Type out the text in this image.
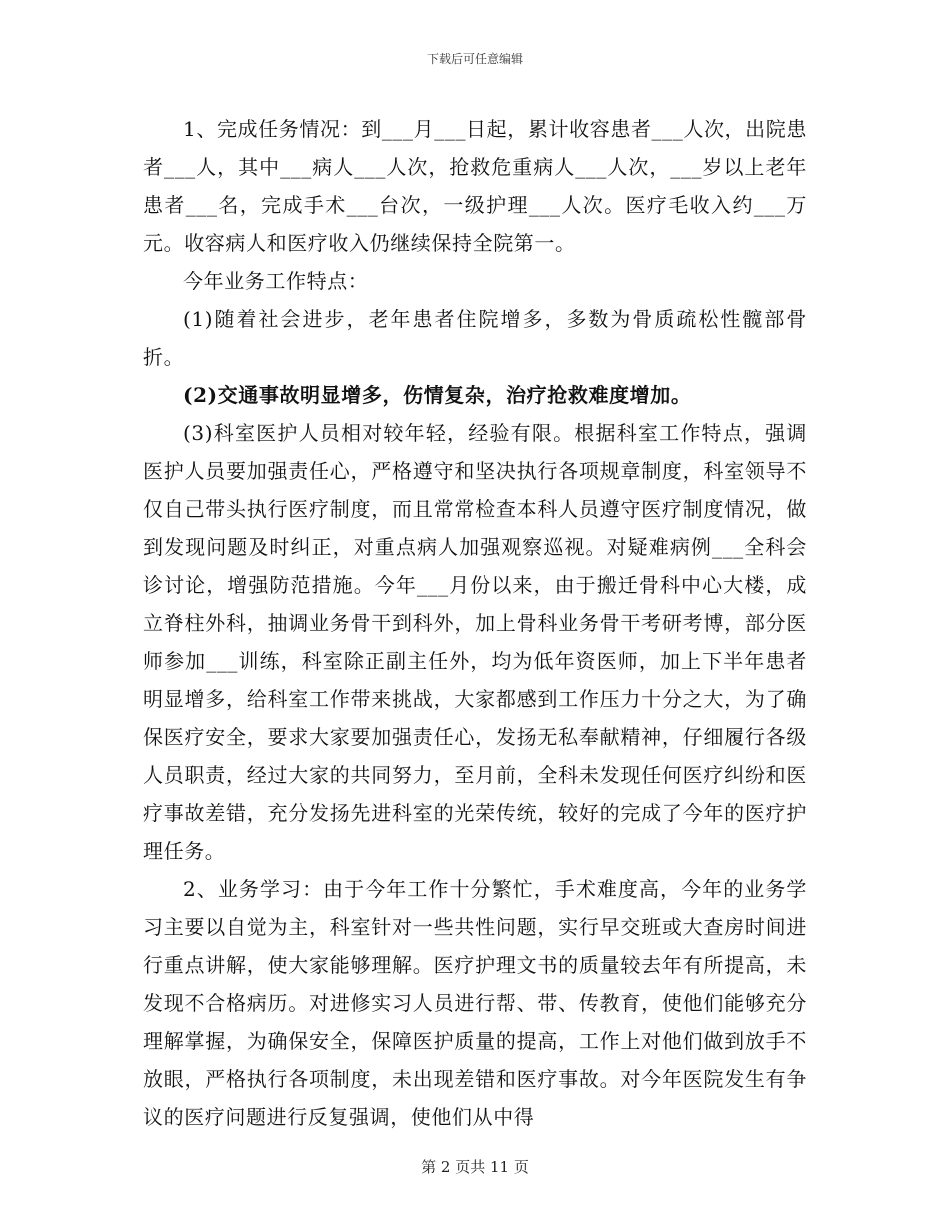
下载后可任意编辑

1、完成任务情况：到___月___日起，累计收容患者___人次，出院患者___人，其中___病人___人次，抢救危重病人___人次，___岁以上老年患者___名，完成手术___台次，一级护理___人次。医疗毛收入约___万元。收容病人和医疗收入仍继续保持全院第一。

今年业务工作特点：

(1)随着社会进步，老年患者住院增多，多数为骨质疏松性髋部骨折。

(2)交通事故明显增多，伤情复杂，治疗抢救难度增加。

(3)科室医护人员相对较年轻，经验有限。根据科室工作特点，强调医护人员要加强责任心，严格遵守和坚决执行各项规章制度，科室领导不仅自己带头执行医疗制度，而且常常检查本科人员遵守医疗制度情况，做到发现问题及时纠正，对重点病人加强观察巡视。对疑难病例___全科会诊讨论，增强防范措施。今年___月份以来，由于搬迁骨科中心大楼，成立脊柱外科，抽调业务骨干到科外，加上骨科业务骨干考研考博，部分医师参加___训练，科室除正副主任外，均为低年资医师，加上下半年患者明显增多，给科室工作带来挑战，大家都感到工作压力十分之大，为了确保医疗安全，要求大家要加强责任心，发扬无私奉献精神，仔细履行各级人员职责，经过大家的共同努力，至月前，全科未发现任何医疗纠纷和医疗事故差错，充分发扬先进科室的光荣传统，较好的完成了今年的医疗护理任务。

2、业务学习：由于今年工作十分繁忙，手术难度高，今年的业务学习主要以自觉为主，科室针对一些共性问题，实行早交班或大查房时间进行重点讲解，使大家能够理解。医疗护理文书的质量较去年有所提高，未发现不合格病历。对进修实习人员进行帮、带、传教育，使他们能够充分理解掌握，为确保安全，保障医护质量的提高，工作上对他们做到放手不放眼，严格执行各项制度，未出现差错和医疗事故。对今年医院发生有争议的医疗问题进行反复强调，使他们从中得

第 2 页共 11 页
